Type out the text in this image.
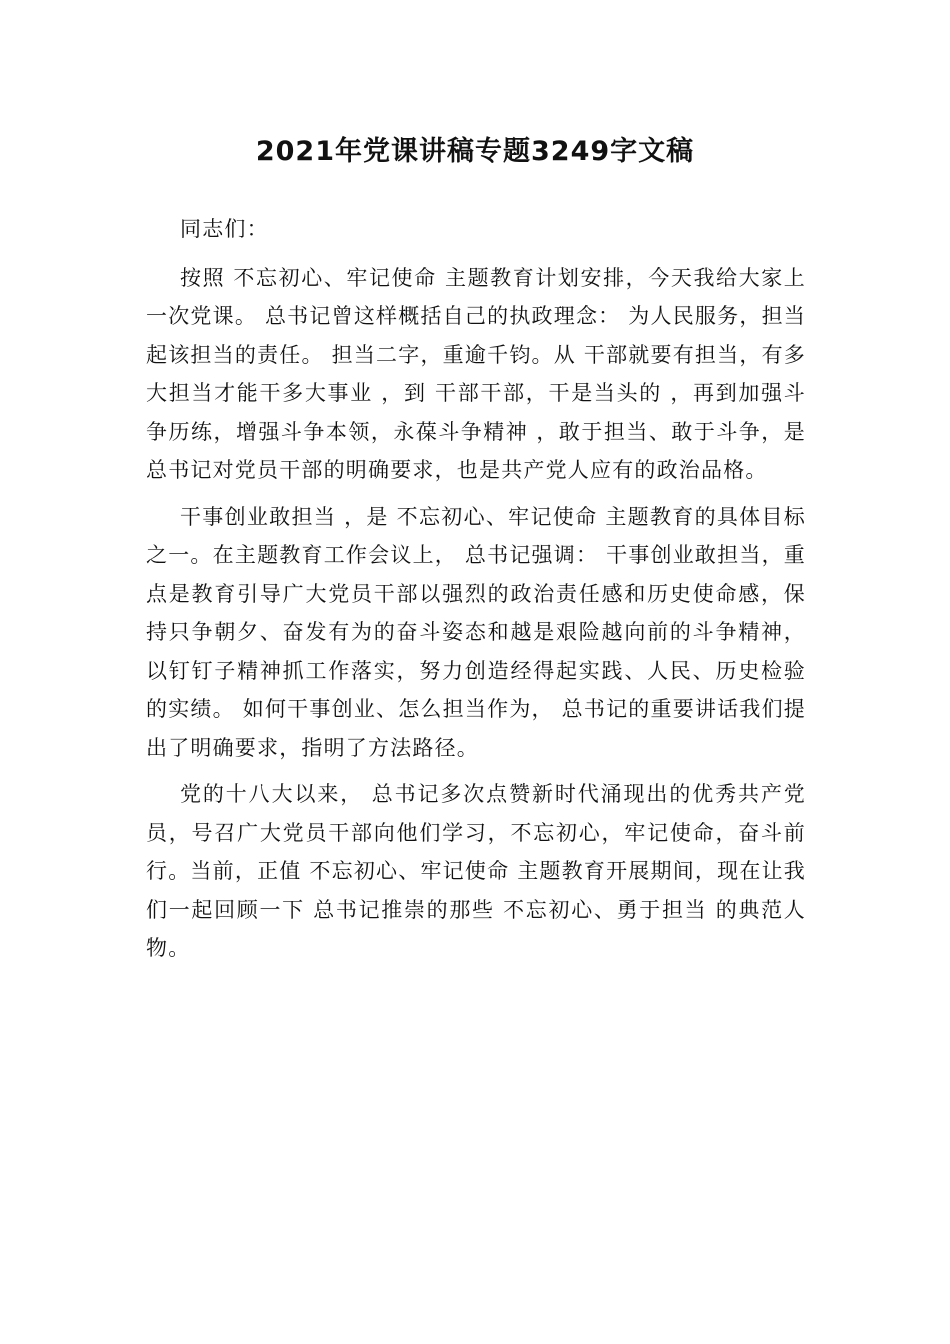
2021年党课讲稿专题3249字文稿

同志们：

按照 不忘初心、牢记使命 主题教育计划安排，今天我给大家上一次党课。 总书记曾这样概括自己的执政理念： 为人民服务，担当起该担当的责任。 担当二字，重逾千钧。从 干部就要有担当，有多大担当才能干多大事业 ，到 干部干部，干是当头的 ，再到加强斗争历练，增强斗争本领，永葆斗争精神 ，敢于担当、敢于斗争，是 总书记对党员干部的明确要求，也是共产党人应有的政治品格。

干事创业敢担当 ，是 不忘初心、牢记使命 主题教育的具体目标之一。在主题教育工作会议上， 总书记强调： 干事创业敢担当，重点是教育引导广大党员干部以强烈的政治责任感和历史使命感，保持只争朝夕、奋发有为的奋斗姿态和越是艰险越向前的斗争精神，以钉钉子精神抓工作落实，努力创造经得起实践、人民、历史检验的实绩。 如何干事创业、怎么担当作为， 总书记的重要讲话我们提出了明确要求，指明了方法路径。

党的十八大以来， 总书记多次点赞新时代涌现出的优秀共产党员，号召广大党员干部向他们学习，不忘初心，牢记使命，奋斗前行。当前，正值 不忘初心、牢记使命 主题教育开展期间，现在让我们一起回顾一下 总书记推崇的那些 不忘初心、勇于担当 的典范人物。
